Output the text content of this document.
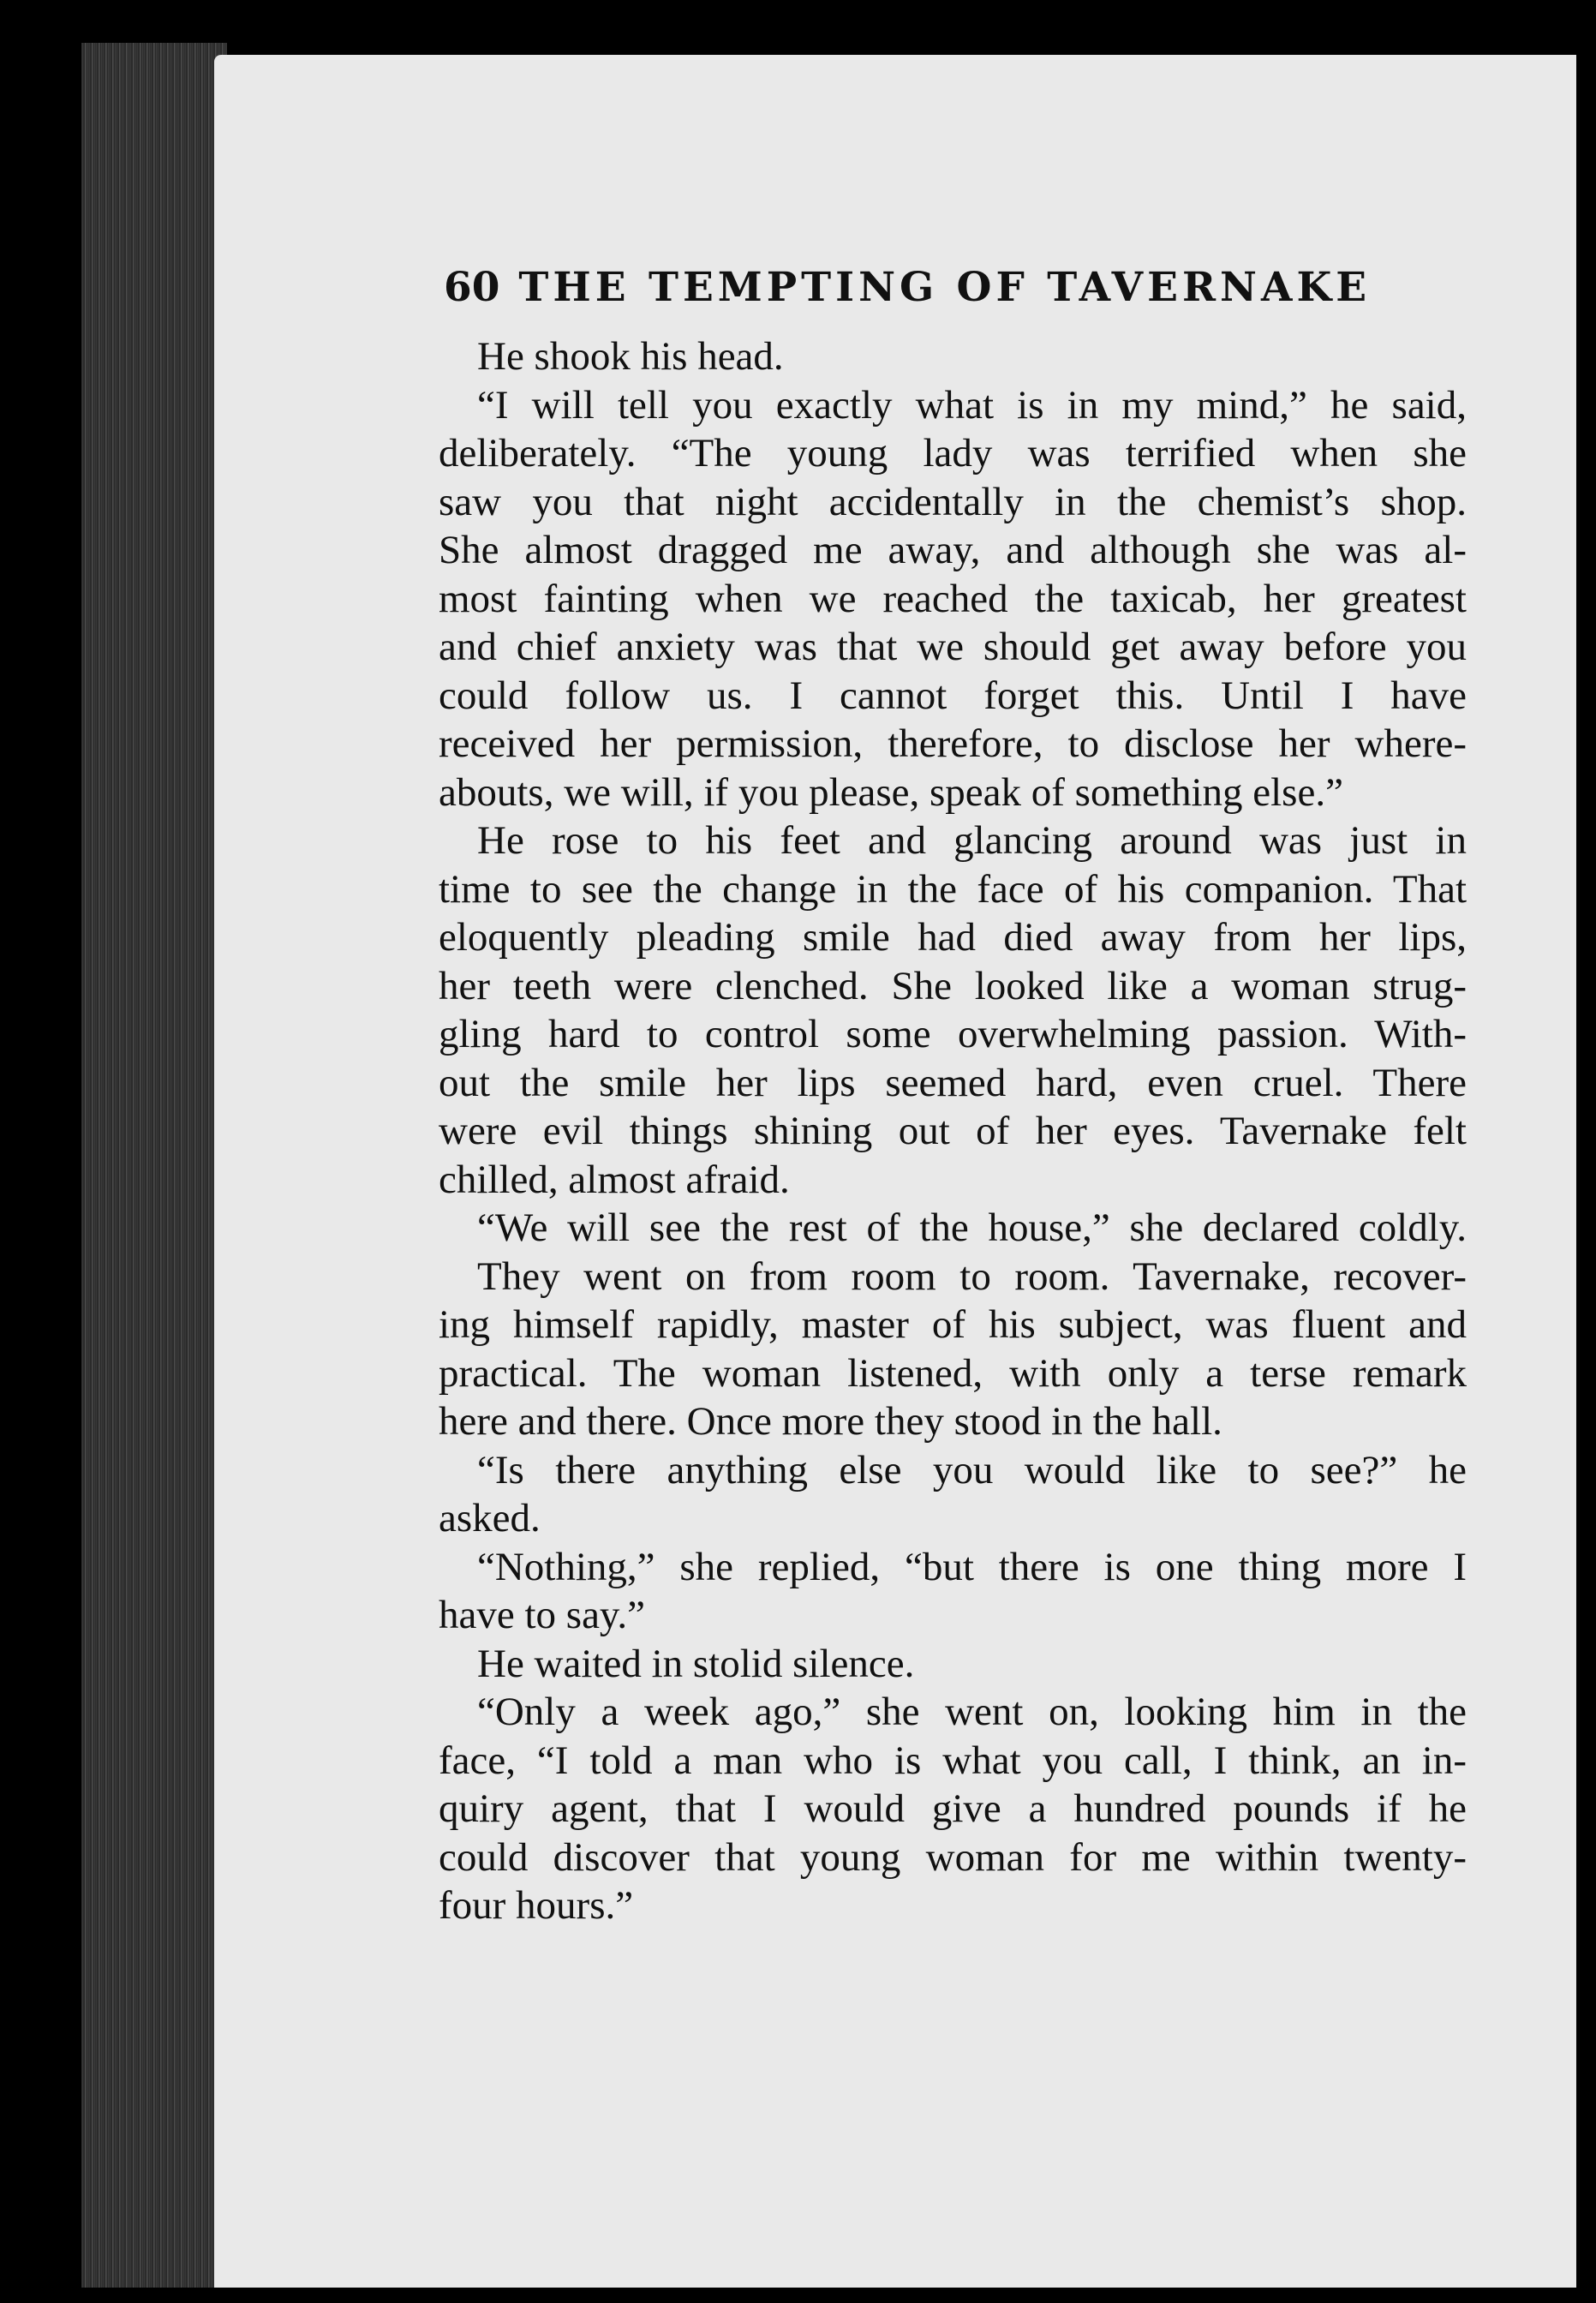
60 THE TEMPTING OF TAVERNAKE
He shook his head.
“I will tell you exactly what is in my mind,” he said,
deliberately. “The young lady was terrified when she
saw you that night accidentally in the chemist’s shop.
She almost dragged me away, and although she was al-
most fainting when we reached the taxicab, her greatest
and chief anxiety was that we should get away before you
could follow us. I cannot forget this. Until I have
received her permission, therefore, to disclose her where-
abouts, we will, if you please, speak of something else.”
He rose to his feet and glancing around was just in
time to see the change in the face of his companion. That
eloquently pleading smile had died away from her lips,
her teeth were clenched. She looked like a woman strug-
gling hard to control some overwhelming passion. With-
out the smile her lips seemed hard, even cruel. There
were evil things shining out of her eyes. Tavernake felt
chilled, almost afraid.
“We will see the rest of the house,” she declared coldly.
They went on from room to room. Tavernake, recover-
ing himself rapidly, master of his subject, was fluent and
practical. The woman listened, with only a terse remark
here and there. Once more they stood in the hall.
“Is there anything else you would like to see?” he
asked.
“Nothing,” she replied, “but there is one thing more I
have to say.”
He waited in stolid silence.
“Only a week ago,” she went on, looking him in the
face, “I told a man who is what you call, I think, an in-
quiry agent, that I would give a hundred pounds if he
could discover that young woman for me within twenty-
four hours.”
